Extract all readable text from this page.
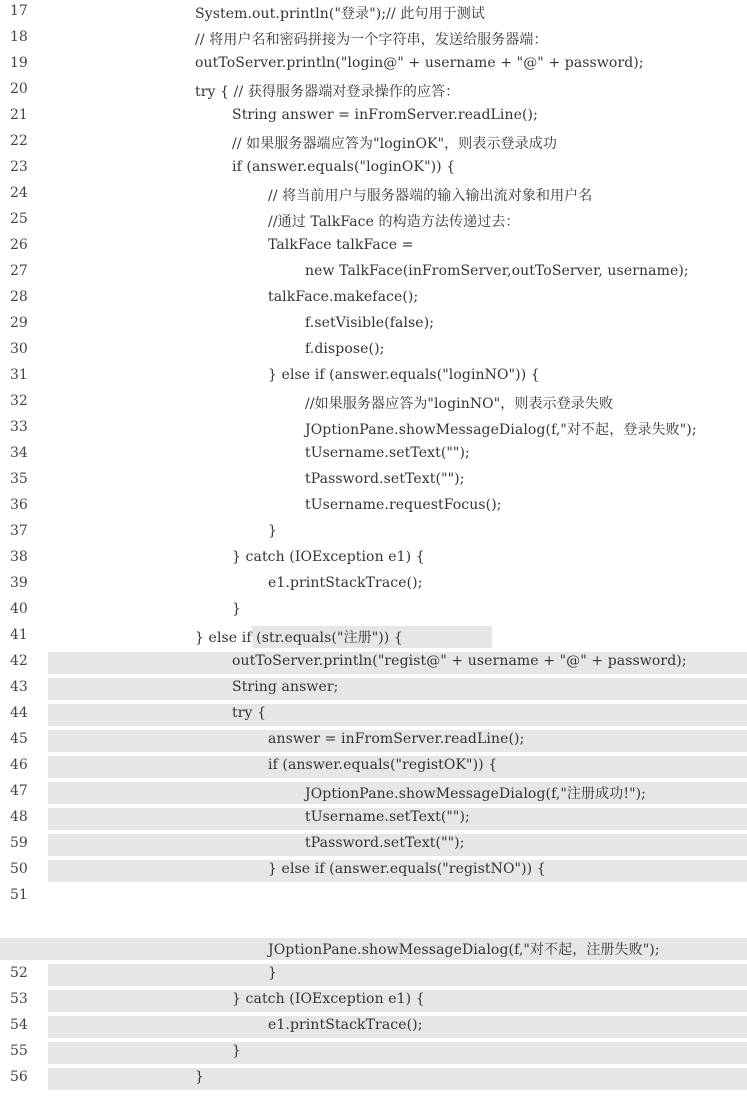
17	System.out.println("登录");// 此句用于测试
18	// 将用户名和密码拼接为一个字符串，发送给服务器端：
19	outToServer.println("login@" + username + "@" + password);
20	try { // 获得服务器端对登录操作的应答：
21	String answer = inFromServer.readLine();
22	// 如果服务器端应答为"loginOK"，则表示登录成功
23	if (answer.equals("loginOK")) {
24	// 将当前用户与服务器端的输入输出流对象和用户名
25	//通过 TalkFace 的构造方法传递过去：
26	TalkFace talkFace =
27	new TalkFace(inFromServer,outToServer, username);
28	talkFace.makeface();
29	f.setVisible(false);
30	f.dispose();
31	} else if (answer.equals("loginNO")) {
32	//如果服务器应答为"loginNO"，则表示登录失败
33	JOptionPane.showMessageDialog(f,"对不起，登录失败");
34	tUsername.setText("");
35	tPassword.setText("");
36	tUsername.requestFocus();
37	}
38	} catch (IOException e1) {
39	e1.printStackTrace();
40	}
41	} else if (str.equals("注册")) {
42	outToServer.println("regist@" + username + "@" + password);
43	String answer;
44	try {
45	answer = inFromServer.readLine();
46	if (answer.equals("registOK")) {
47	JOptionPane.showMessageDialog(f,"注册成功!");
48	tUsername.setText("");
59	tPassword.setText("");
50	} else if (answer.equals("registNO")) {
51
JOptionPane.showMessageDialog(f,"对不起，注册失败");
52	}
53	} catch (IOException e1) {
54	e1.printStackTrace();
55	}
56	}
